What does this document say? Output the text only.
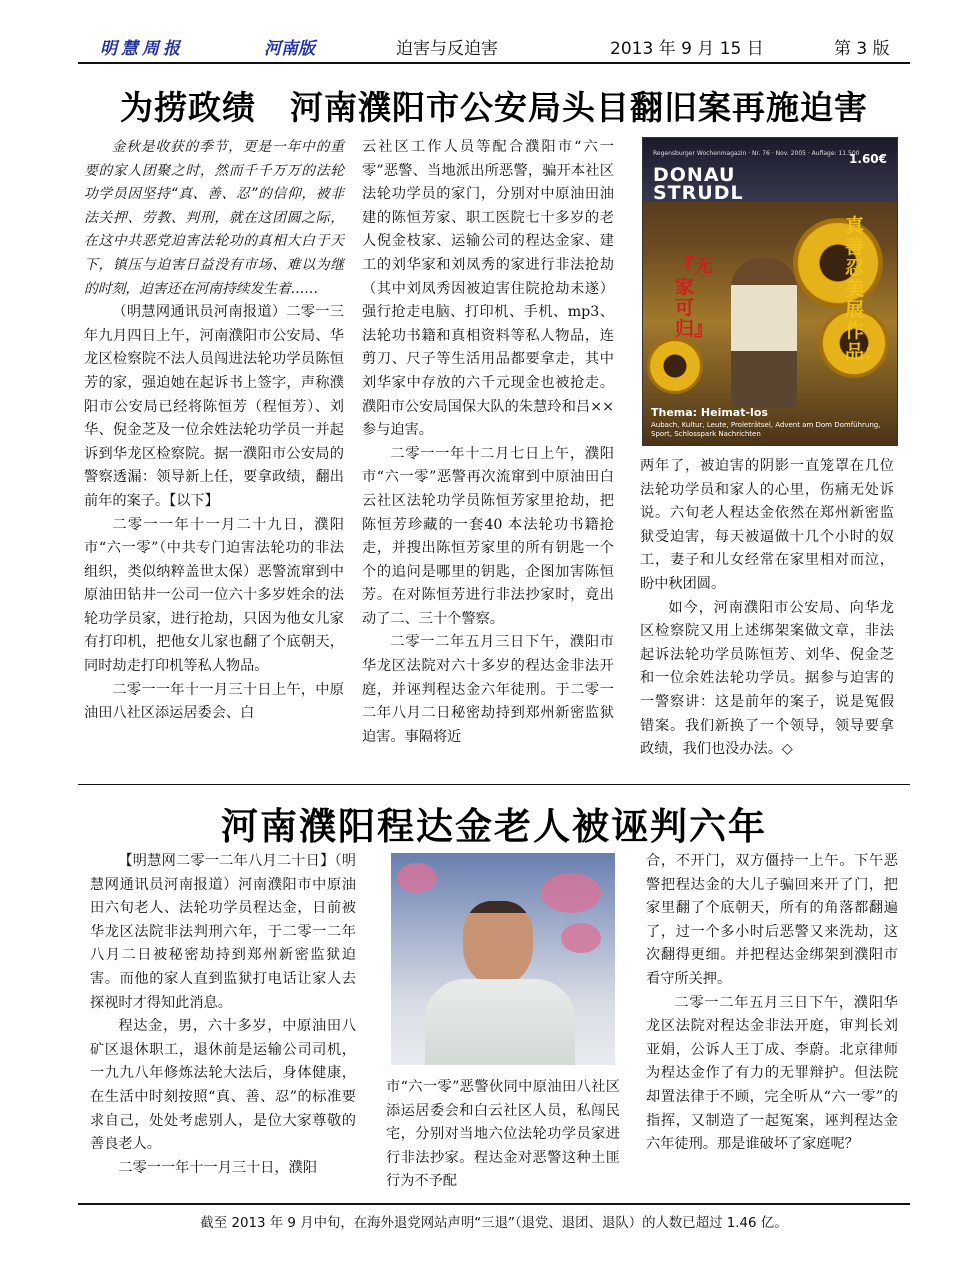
明慧周报	河南版	迫害与反迫害	2013 年 9 月 15 日	第 3 版
为捞政绩　河南濮阳市公安局头目翻旧案再施迫害

金秋是收获的季节，更是一年中的重要的家人团聚之时，然而千千万万的法轮功学员因坚持“真、善、忍”的信仰，被非法关押、劳教、判刑，就在这团圆之际，在这中共恶党迫害法轮功的真相大白于天下，镇压与迫害日益没有市场、难以为继的时刻，迫害还在河南持续发生着……

（明慧网通讯员河南报道）二零一三年九月四日上午，河南濮阳市公安局、华龙区检察院不法人员闯进法轮功学员陈恒芳的家，强迫她在起诉书上签字，声称濮阳市公安局已经将陈恒芳（程恒芳）、刘华、倪金芝及一位余姓法轮功学员一并起诉到华龙区检察院。据一濮阳市公安局的警察透漏：领导新上任，要拿政绩，翻出前年的案子。【以下】

二零一一年十一月二十九日，濮阳市“六一零”（中共专门迫害法轮功的非法组织，类似纳粹盖世太保）恶警流窜到中原油田钻井一公司一位六十多岁姓余的法轮功学员家，进行抢劫，只因为他女儿家有打印机，把他女儿家也翻了个底朝天，同时劫走打印机等私人物品。

二零一一年十一月三十日上午，中原油田八社区添运居委会、白

云社区工作人员等配合濮阳市“六一零”恶警、当地派出所恶警，骗开本社区法轮功学员的家门，分别对中原油田油建的陈恒芳家、职工医院七十多岁的老人倪金枝家、运输公司的程达金家、建工的刘华家和刘凤秀的家进行非法抢劫（其中刘凤秀因被迫害住院抢劫未遂）强行抢走电脑、打印机、手机、mp3、法轮功书籍和真相资料等私人物品，连剪刀、尺子等生活用品都要拿走，其中刘华家中存放的六千元现金也被抢走。濮阳市公安局国保大队的朱慧玲和吕××参与迫害。

二零一一年十二月七日上午，濮阳市“六一零”恶警再次流窜到中原油田白云社区法轮功学员陈恒芳家里抢劫，把陈恒芳珍藏的一套40 本法轮功书籍抢走，并搜出陈恒芳家里的所有钥匙一个个的追问是哪里的钥匙，企图加害陈恒芳。在对陈恒芳进行非法抄家时，竟出动了二、三十个警察。

二零一二年五月三日下午，濮阳市华龙区法院对六十多岁的程达金非法开庭，并诬判程达金六年徒刑。于二零一二年八月二日秘密劫持到郑州新密监狱迫害。事隔将近

Regensburger Wochenmagazin · Nr. 76 · Nov. 2005 · Auflage: 11.500
DONAU
STRUDL
1.60€
真善忍美展作品：
『无家可归』
Thema: Heimat-los
Aubach, Kultur, Leute, Proleträtsel, Advent am Dom Domführung, Sport, Schlosspark Nachrichten

两年了，被迫害的阴影一直笼罩在几位法轮功学员和家人的心里，伤痛无处诉说。六旬老人程达金依然在郑州新密监狱受迫害，每天被逼做十几个小时的奴工，妻子和儿女经常在家里相对而泣，盼中秋团圆。

如今，河南濮阳市公安局、向华龙区检察院又用上述绑架案做文章，非法起诉法轮功学员陈恒芳、刘华、倪金芝和一位余姓法轮功学员。据参与迫害的一警察讲：这是前年的案子，说是冤假错案。我们新换了一个领导，领导要拿政绩，我们也没办法。◇

河南濮阳程达金老人被诬判六年

【明慧网二零一二年八月二十日】（明慧网通讯员河南报道）河南濮阳市中原油田六旬老人、法轮功学员程达金，日前被华龙区法院非法判刑六年，于二零一二年八月二日被秘密劫持到郑州新密监狱迫害。而他的家人直到监狱打电话让家人去探视时才得知此消息。

程达金，男，六十多岁，中原油田八矿区退休职工，退休前是运输公司司机，一九九八年修炼法轮大法后，身体健康，在生活中时刻按照“真、善、忍”的标准要求自己，处处考虑别人，是位大家尊敬的善良老人。

二零一一年十一月三十日，濮阳

市“六一零”恶警伙同中原油田八社区添运居委会和白云社区人员，私闯民宅，分别对当地六位法轮功学员家进行非法抄家。程达金对恶警这种土匪行为不予配

合，不开门，双方僵持一上午。下午恶警把程达金的大儿子骗回来开了门，把家里翻了个底朝天，所有的角落都翻遍了，过一个多小时后恶警又来洗劫，这次翻得更细。并把程达金绑架到濮阳市看守所关押。

二零一二年五月三日下午，濮阳华龙区法院对程达金非法开庭，审判长刘亚娟，公诉人王丁成、李蔚。北京律师为程达金作了有力的无罪辩护。但法院却置法律于不顾，完全听从“六一零”的指挥，又制造了一起冤案，诬判程达金六年徒刑。那是谁破坏了家庭呢？

截至 2013 年 9 月中旬，在海外退党网站声明“三退”（退党、退团、退队）的人数已超过 1.46 亿。
